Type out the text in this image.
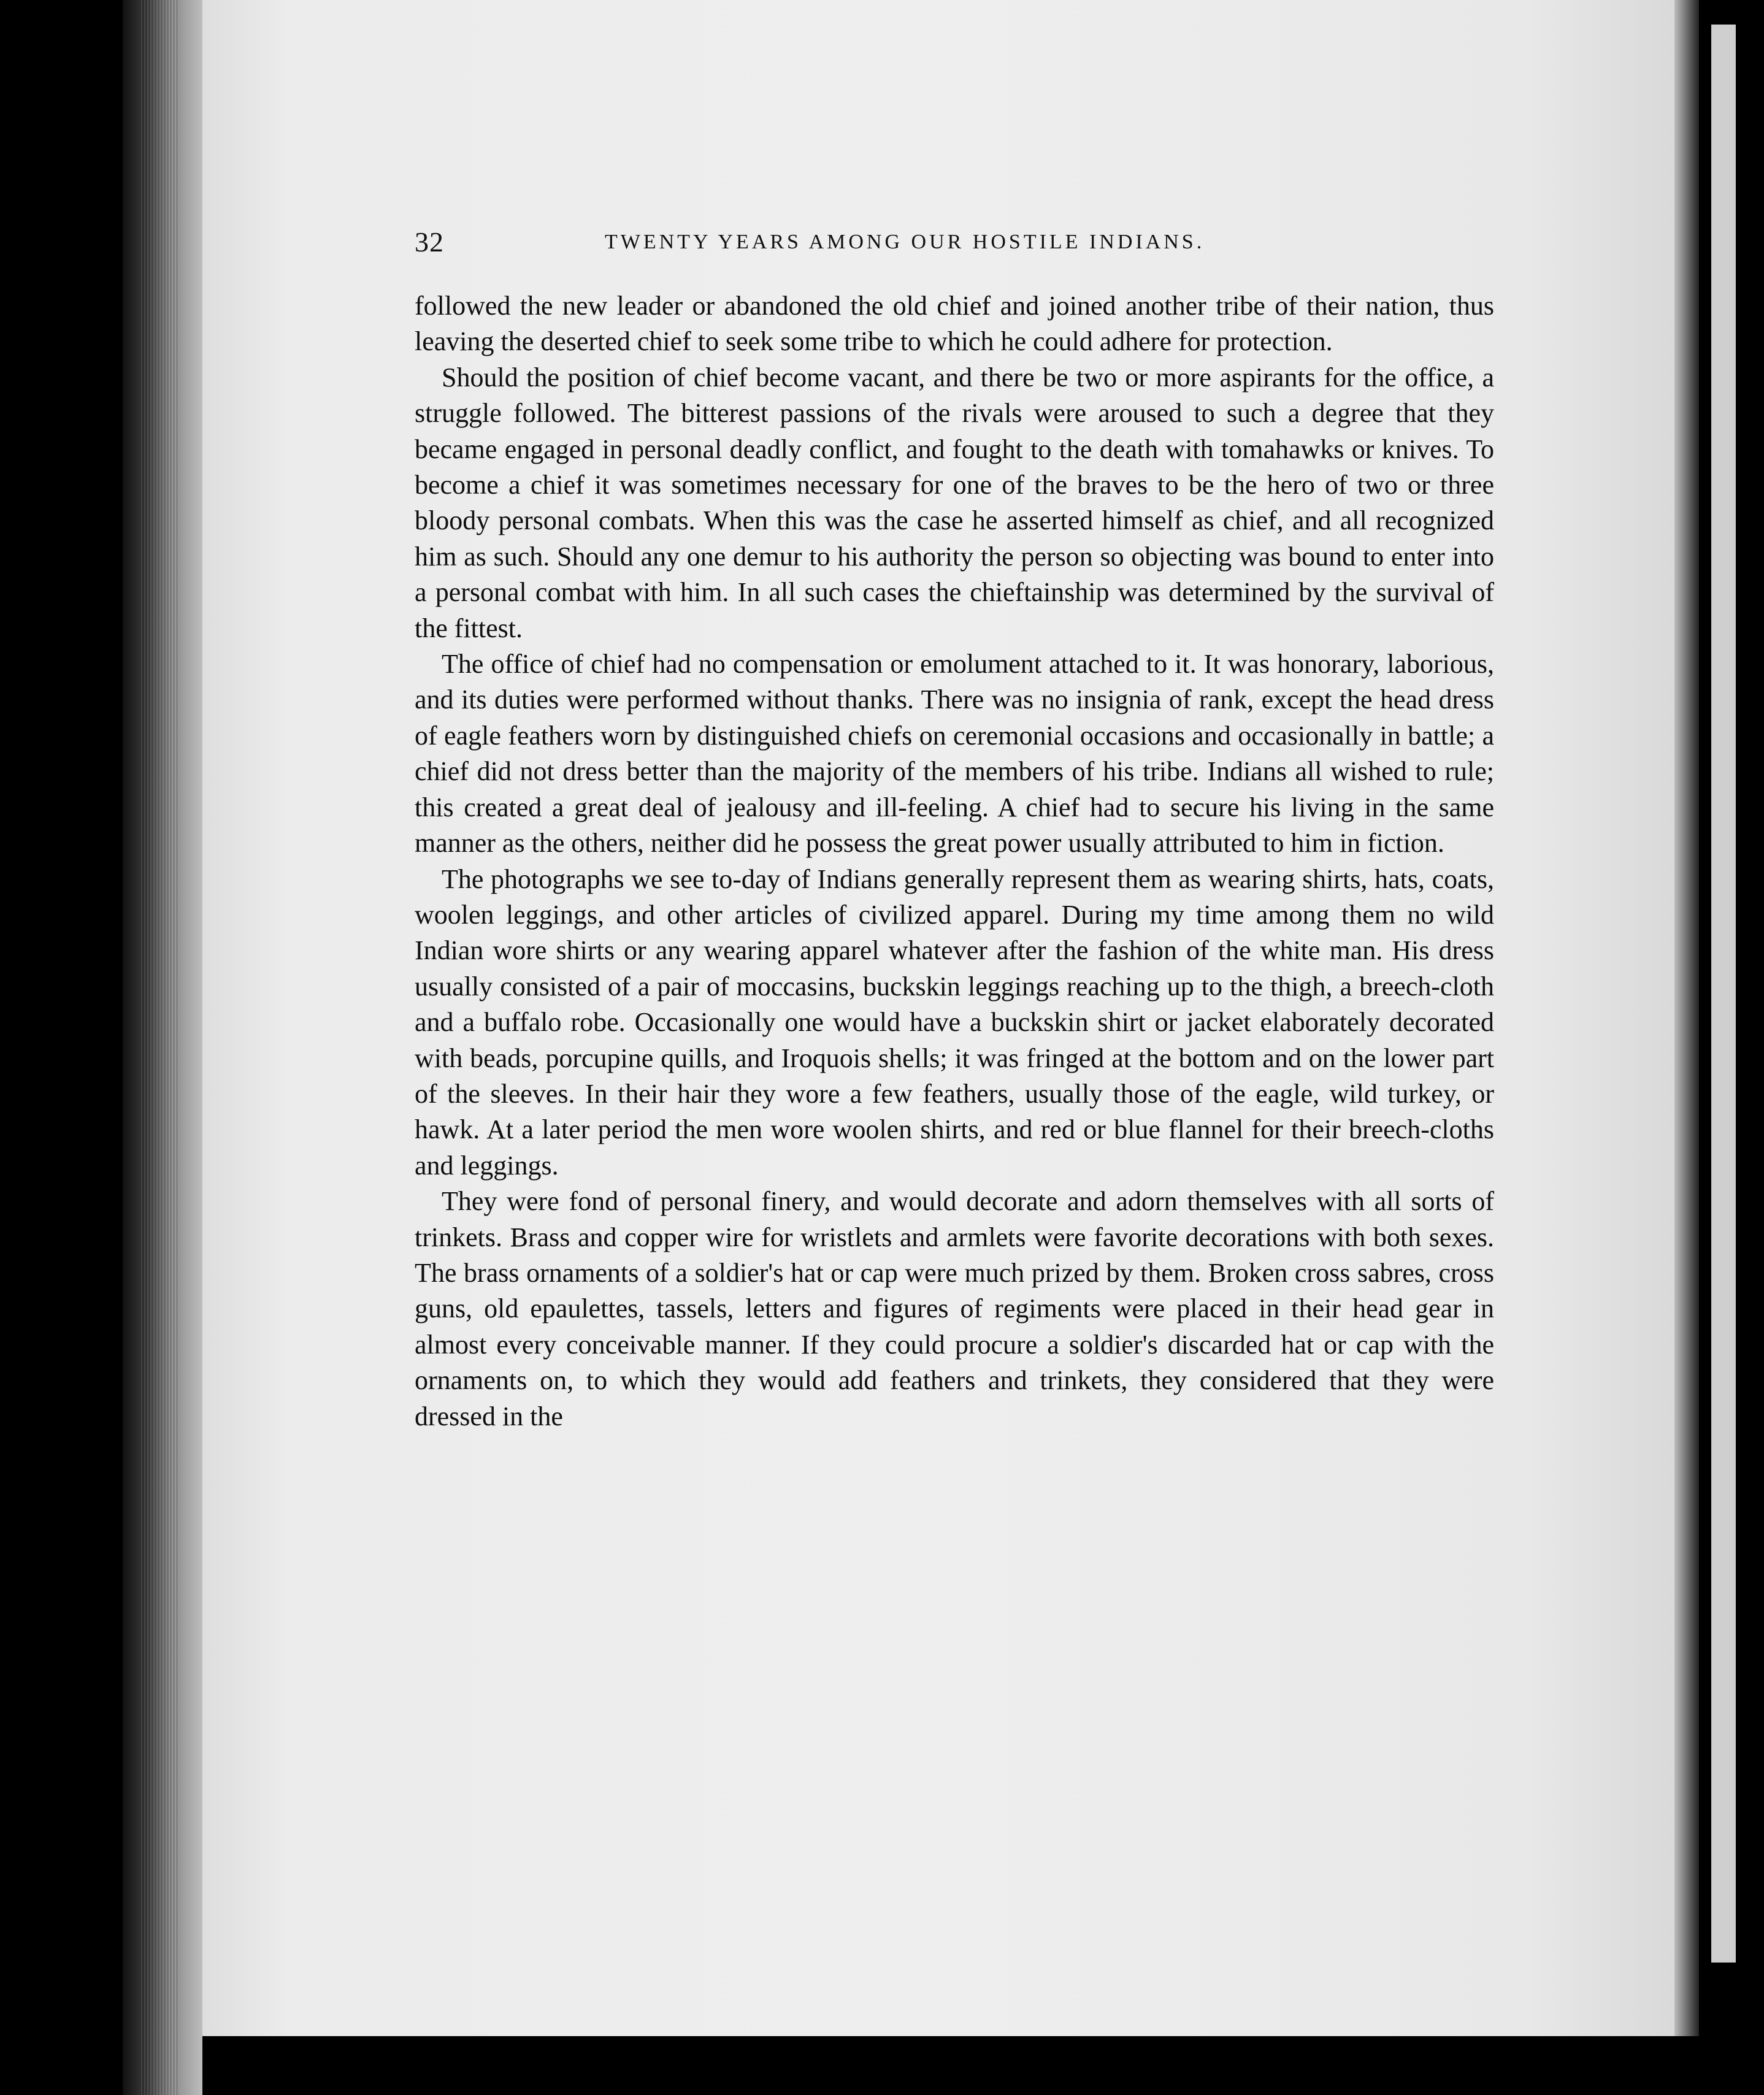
32	TWENTY YEARS AMONG OUR HOSTILE INDIANS.

followed the new leader or abandoned the old chief and joined another tribe of their nation, thus leaving the deserted chief to seek some tribe to which he could adhere for protection.

Should the position of chief become vacant, and there be two or more aspirants for the office, a struggle followed. The bitterest passions of the rivals were aroused to such a degree that they became engaged in personal deadly conflict, and fought to the death with tomahawks or knives. To become a chief it was sometimes necessary for one of the braves to be the hero of two or three bloody personal combats. When this was the case he asserted himself as chief, and all recognized him as such. Should any one demur to his authority the person so objecting was bound to enter into a personal combat with him. In all such cases the chieftainship was determined by the survival of the fittest.

The office of chief had no compensation or emolument attached to it. It was honorary, laborious, and its duties were performed without thanks. There was no insignia of rank, except the head dress of eagle feathers worn by distinguished chiefs on ceremonial occasions and occasionally in battle; a chief did not dress better than the majority of the members of his tribe. Indians all wished to rule; this created a great deal of jealousy and ill-feeling. A chief had to secure his living in the same manner as the others, neither did he possess the great power usually attributed to him in fiction.

The photographs we see to-day of Indians generally represent them as wearing shirts, hats, coats, woolen leggings, and other articles of civilized apparel. During my time among them no wild Indian wore shirts or any wearing apparel whatever after the fashion of the white man. His dress usually consisted of a pair of moccasins, buckskin leggings reaching up to the thigh, a breech-cloth and a buffalo robe. Occasionally one would have a buckskin shirt or jacket elaborately decorated with beads, porcupine quills, and Iroquois shells; it was fringed at the bottom and on the lower part of the sleeves. In their hair they wore a few feathers, usually those of the eagle, wild turkey, or hawk. At a later period the men wore woolen shirts, and red or blue flannel for their breech-cloths and leggings.

They were fond of personal finery, and would decorate and adorn themselves with all sorts of trinkets. Brass and copper wire for wristlets and armlets were favorite decorations with both sexes. The brass ornaments of a soldier's hat or cap were much prized by them. Broken cross sabres, cross guns, old epaulettes, tassels, letters and figures of regiments were placed in their head gear in almost every conceivable manner. If they could procure a soldier's discarded hat or cap with the ornaments on, to which they would add feathers and trinkets, they considered that they were dressed in the
